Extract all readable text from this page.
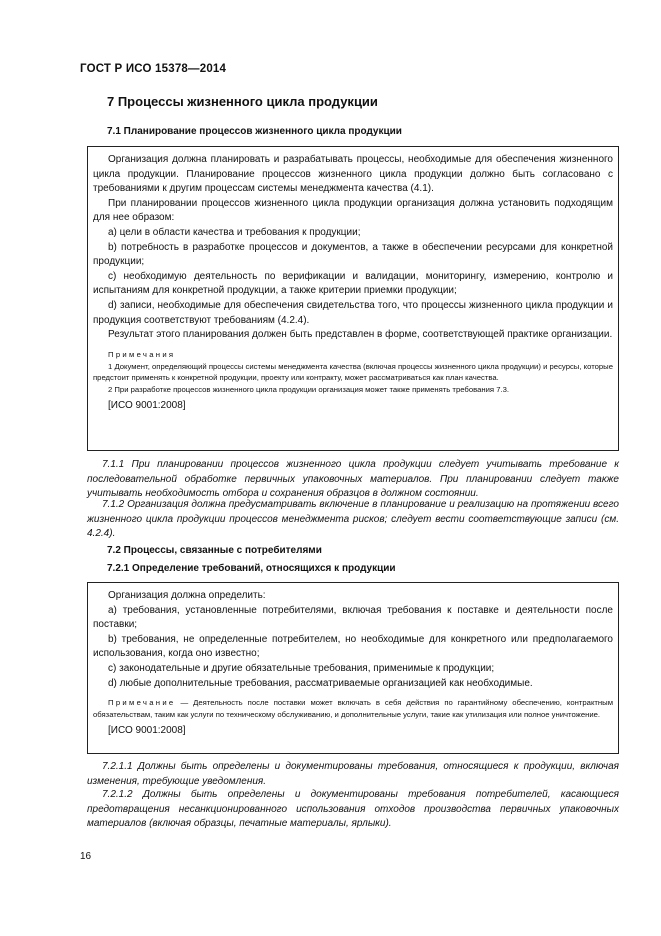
ГОСТ Р ИСО 15378—2014
7 Процессы жизненного цикла продукции
7.1 Планирование процессов жизненного цикла продукции

Организация должна планировать и разрабатывать процессы, необходимые для обеспечения жизненного цикла продукции. Планирование процессов жизненного цикла продукции должно быть согласовано с требованиями к другим процессам системы менеджмента качества (4.1).

При планировании процессов жизненного цикла продукции организация должна установить подходящим для нее образом:

a) цели в области качества и требования к продукции;

b) потребность в разработке процессов и документов, а также в обеспечении ресурсами для конкретной продукции;

c) необходимую деятельность по верификации и валидации, мониторингу, измерению, контролю и испытаниям для конкретной продукции, а также критерии приемки продукции;

d) записи, необходимые для обеспечения свидетельства того, что процессы жизненного цикла продукции и продукция соответствуют требованиям (4.2.4).

Результат этого планирования должен быть представлен в форме, соответствующей практике организации.

Примечания

1 Документ, определяющий процессы системы менеджмента качества (включая процессы жизненного цикла продукции) и ресурсы, которые предстоит применять к конкретной продукции, проекту или контракту, может рассматриваться как план качества.

2 При разработке процессов жизненного цикла продукции организация может также применять требования 7.3.

[ИСО 9001:2008]

7.1.1 При планировании процессов жизненного цикла продукции следует учитывать требование к последовательной обработке первичных упаковочных материалов. При планировании следует также учитывать необходимость отбора и сохранения образцов в должном состоянии.

7.1.2 Организация должна предусматривать включение в планирование и реализацию на протяжении всего жизненного цикла продукции процессов менеджмента рисков; следует вести соответствующие записи (см. 4.2.4).

7.2 Процессы, связанные с потребителями
7.2.1 Определение требований, относящихся к продукции

Организация должна определить:

a) требования, установленные потребителями, включая требования к поставке и деятельности после поставки;

b) требования, не определенные потребителем, но необходимые для конкретного или предполагаемого использования, когда оно известно;

c) законодательные и другие обязательные требования, применимые к продукции;

d) любые дополнительные требования, рассматриваемые организацией как необходимые.

Примечание — Деятельность после поставки может включать в себя действия по гарантийному обеспечению, контрактным обязательствам, таким как услуги по техническому обслуживанию, и дополнительные услуги, такие как утилизация или полное уничтожение.

[ИСО 9001:2008]

7.2.1.1 Должны быть определены и документированы требования, относящиеся к продукции, включая изменения, требующие уведомления.

7.2.1.2 Должны быть определены и документированы требования потребителей, касающиеся предотвращения несанкционированного использования отходов производства первичных упаковочных материалов (включая образцы, печатные материалы, ярлыки).

16
